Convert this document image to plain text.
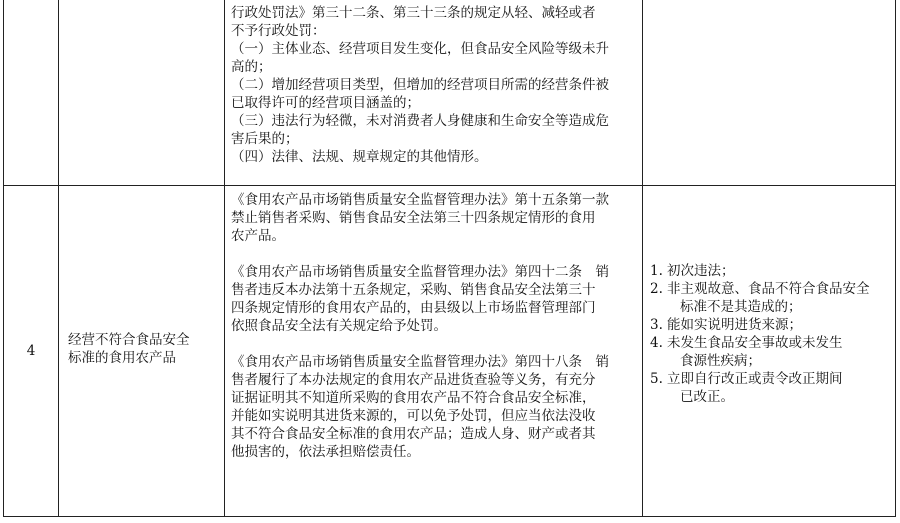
行政处罚法》第三十二条、第三十三条的规定从轻、减轻或者
不予行政处罚：
（一）主体业态、经营项目发生变化，但食品安全风险等级未升
高的；
（二）增加经营项目类型，但增加的经营项目所需的经营条件被
已取得许可的经营项目涵盖的；
（三）违法行为轻微，未对消费者人身健康和生命安全等造成危
害后果的；
（四）法律、法规、规章规定的其他情形。
4
经营不符合食品安全
标准的食用农产品
《食用农产品市场销售质量安全监督管理办法》第十五条第一款
禁止销售者采购、销售食品安全法第三十四条规定情形的食用
农产品。
《食用农产品市场销售质量安全监督管理办法》第四十二条　销
售者违反本办法第十五条规定，采购、销售食品安全法第三十
四条规定情形的食用农产品的，由县级以上市场监督管理部门
依照食品安全法有关规定给予处罚。
《食用农产品市场销售质量安全监督管理办法》第四十八条　销
售者履行了本办法规定的食用农产品进货查验等义务，有充分
证据证明其不知道所采购的食用农产品不符合食品安全标准，
并能如实说明其进货来源的，可以免予处罚，但应当依法没收
其不符合食品安全标准的食用农产品；造成人身、财产或者其
他损害的，依法承担赔偿责任。
1. 初次违法；
2. 非主观故意、食品不符合食品安全
标准不是其造成的；
3. 能如实说明进货来源；
4. 未发生食品安全事故或未发生
食源性疾病；
5. 立即自行改正或责令改正期间
已改正。
